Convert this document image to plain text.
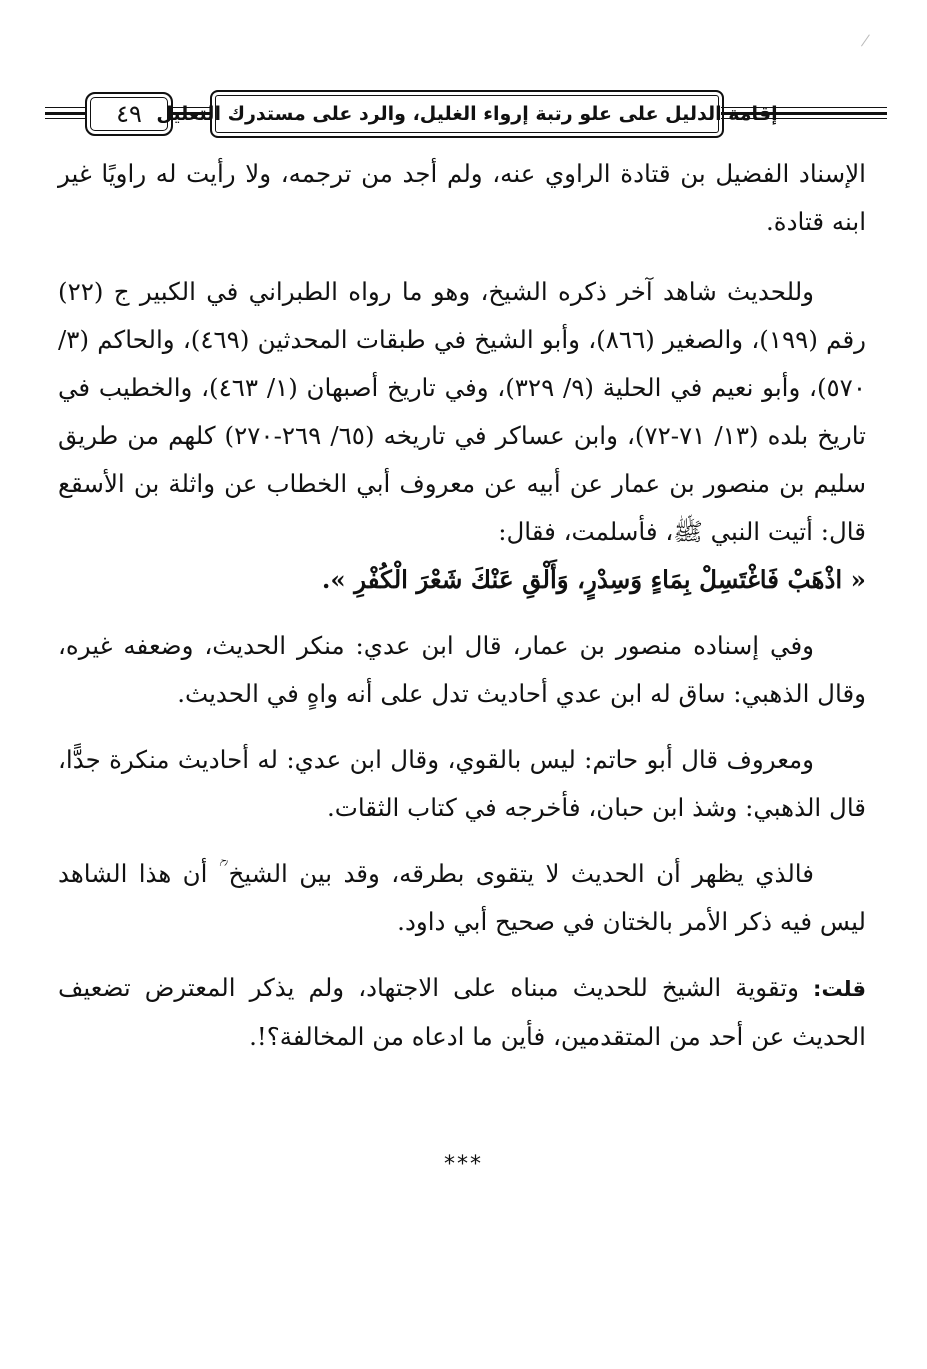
٤٩ إقامة الدليل على علو رتبة إرواء الغليل، والرد على مستدرك التعليل

الإسناد الفضيل بن قتادة الراوي عنه، ولم أجد من ترجمه، ولا رأيت له راويًا غير ابنه قتادة.

وللحديث شاهد آخر ذكره الشيخ، وهو ما رواه الطبراني في الكبير ج (٢٢) رقم (١٩٩)، والصغير (٨٦٦)، وأبو الشيخ في طبقات المحدثين (٤٦٩)، والحاكم (٣/ ٥٧٠)، وأبو نعيم في الحلية (٩/ ٣٢٩)، وفي تاريخ أصبهان (١/ ٤٦٣)، والخطيب في تاريخ بلده (١٣/ ٧١-٧٢)، وابن عساكر في تاريخه (٦٥/ ٢٦٩-٢٧٠) كلهم من طريق سليم بن منصور بن عمار عن أبيه عن معروف أبي الخطاب عن واثلة بن الأسقع قال: أتيت النبي ﷺ، فأسلمت، فقال:
« اذْهَبْ فَاغْتَسِلْ بِمَاءٍ وَسِدْرٍ، وَأَلْقِ عَنْكَ شَعْرَ الْكُفْرِ ».

وفي إسناده منصور بن عمار، قال ابن عدي: منكر الحديث، وضعفه غيره، وقال الذهبي: ساق له ابن عدي أحاديث تدل على أنه واهٍ في الحديث.

ومعروف قال أبو حاتم: ليس بالقوي، وقال ابن عدي: له أحاديث منكرة جدًّا، قال الذهبي: وشذ ابن حبان، فأخرجه في كتاب الثقات.

فالذي يظهر أن الحديث لا يتقوى بطرقه، وقد بين الشيخ ؒ أن هذا الشاهد ليس فيه ذكر الأمر بالختان في صحيح أبي داود.

قلت: وتقوية الشيخ للحديث مبناه على الاجتهاد، ولم يذكر المعترض تضعيف الحديث عن أحد من المتقدمين، فأين ما ادعاه من المخالفة؟!.

***
